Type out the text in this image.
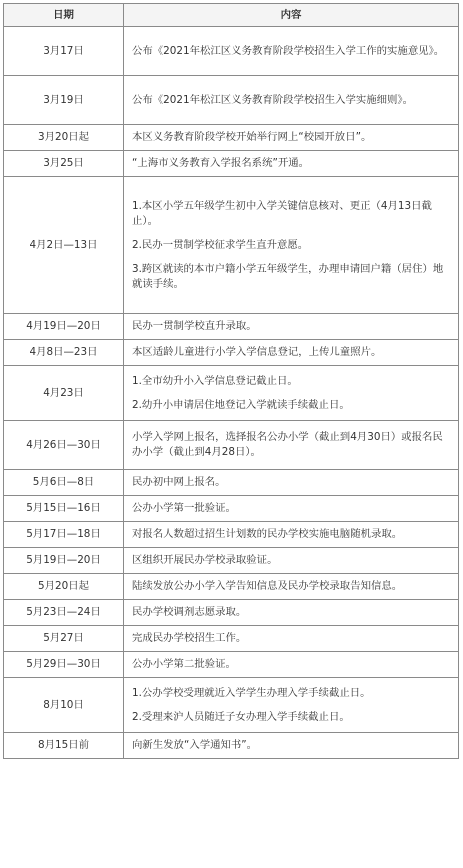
日期	内容
3月17日	公布《2021年松江区义务教育阶段学校招生入学工作的实施意见》。

3月19日	公布《2021年松江区义务教育阶段学校招生入学实施细则》。

3月20日起	本区义务教育阶段学校开始举行网上“校园开放日”。

3月25日	“上海市义务教育入学报名系统”开通。

4月2日—13日	1.本区小学五年级学生初中入学关键信息核对、更正（4月13日截止）。

2.民办一贯制学校征求学生直升意愿。

3.跨区就读的本市户籍小学五年级学生，办理申请回户籍（居住）地就读手续。

4月19日—20日	民办一贯制学校直升录取。

4月8日—23日	本区适龄儿童进行小学入学信息登记，上传儿童照片。

4月23日	1.全市幼升小入学信息登记截止日。

2.幼升小申请居住地登记入学就读手续截止日。

4月26日—30日	小学入学网上报名，选择报名公办小学（截止到4月30日）或报名民办小学（截止到4月28日）。

5月6日—8日	民办初中网上报名。

5月15日—16日	公办小学第一批验证。

5月17日—18日	对报名人数超过招生计划数的民办学校实施电脑随机录取。

5月19日—20日	区组织开展民办学校录取验证。

5月20日起	陆续发放公办小学入学告知信息及民办学校录取告知信息。

5月23日—24日	民办学校调剂志愿录取。

5月27日	完成民办学校招生工作。

5月29日—30日	公办小学第二批验证。

8月10日	1.公办学校受理就近入学学生办理入学手续截止日。

2.受理来沪人员随迁子女办理入学手续截止日。

8月15日前	向新生发放“入学通知书”。
